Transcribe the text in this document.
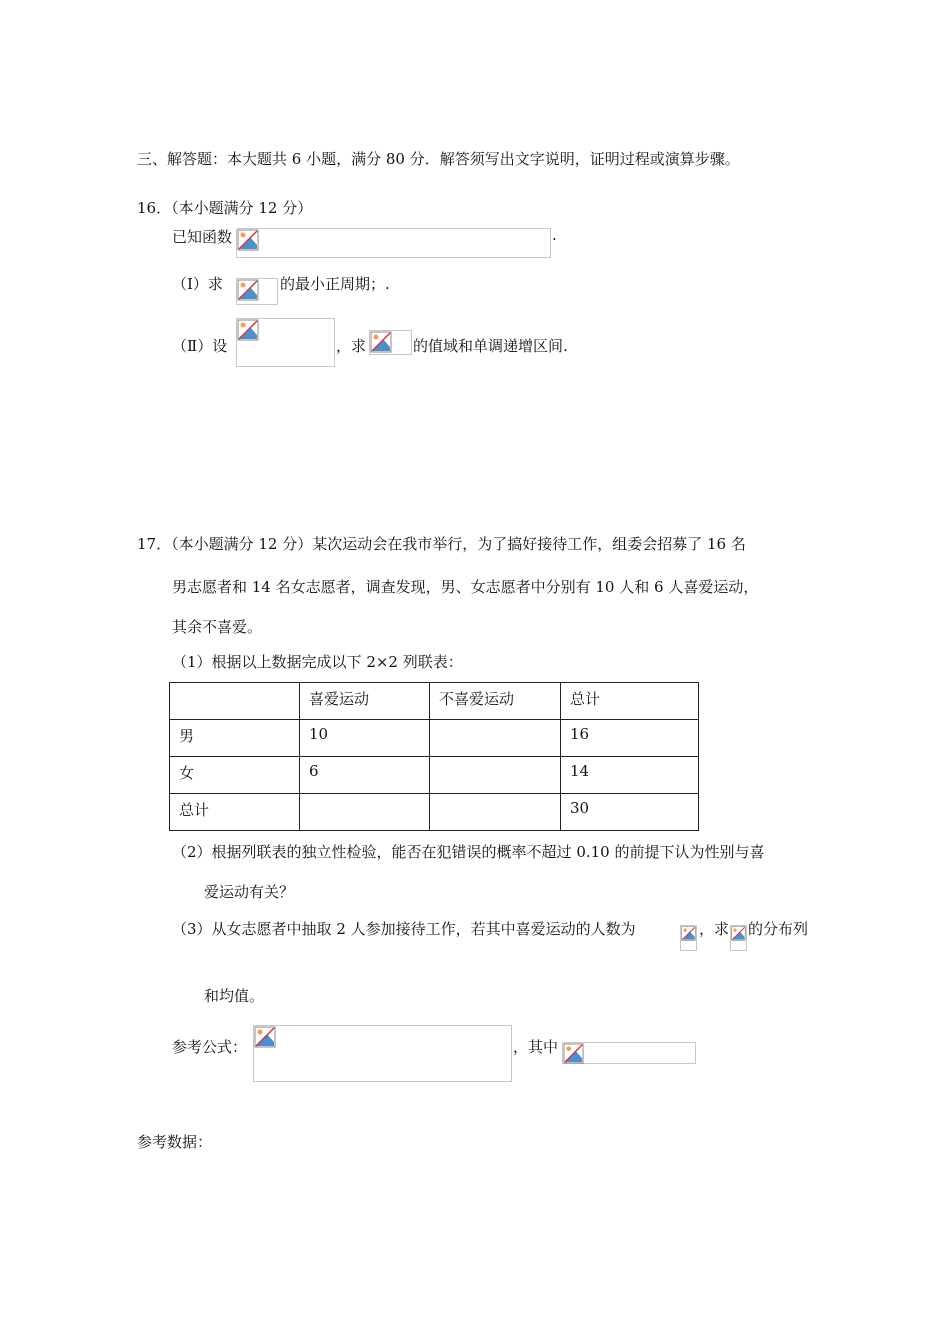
三、解答题：本大题共 6 小题，满分 80 分．解答须写出文字说明，证明过程或演算步骤。
16．（本小题满分 12 分）
已知函数	.
（Ⅰ）求	的最小正周期；.
（Ⅱ）设	，求	的值域和单调递增区间.
17．（本小题满分 12 分）某次运动会在我市举行，为了搞好接待工作，组委会招募了 16 名
男志愿者和 14 名女志愿者，调查发现，男、女志愿者中分别有 10 人和 6 人喜爱运动，
其余不喜爱。
（1）根据以上数据完成以下 2×2 列联表：
	喜爱运动	不喜爱运动	总计
男	10		16
女	6		14
总计			30
（2）根据列联表的独立性检验，能否在犯错误的概率不超过 0.10 的前提下认为性别与喜
爱运动有关？
（3）从女志愿者中抽取 2 人参加接待工作，若其中喜爱运动的人数为	，求 的分布列
和均值。
参考公式：	，其中
参考数据：
